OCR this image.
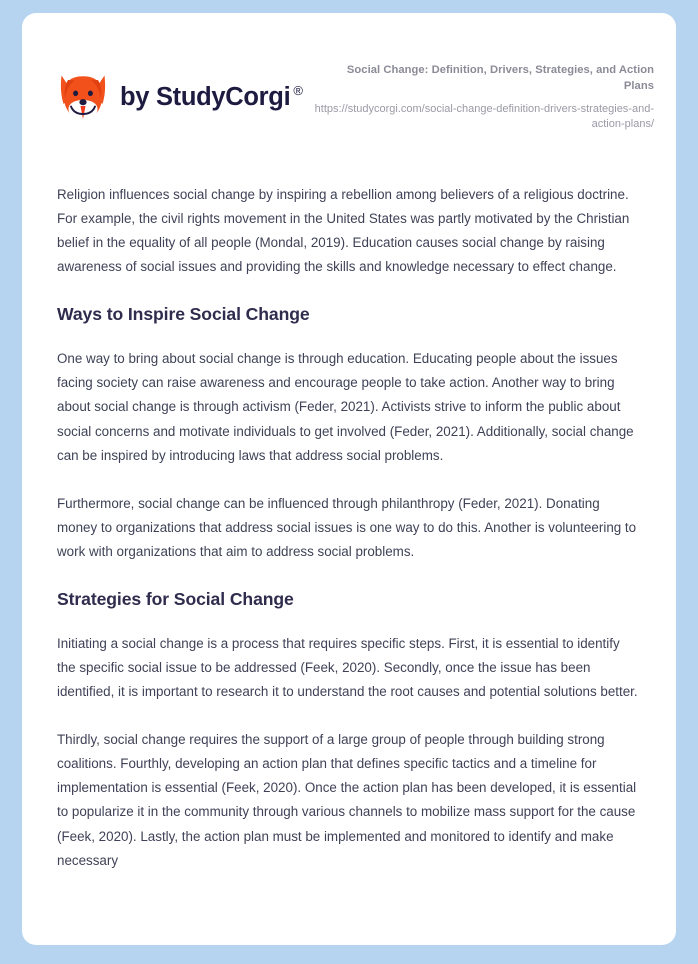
by StudyCorgi ®
Social Change: Definition, Drivers, Strategies, and Action Plans
https://studycorgi.com/social-change-definition-drivers-strategies-and-action-plans/

Religion influences social change by inspiring a rebellion among believers of a religious doctrine. For example, the civil rights movement in the United States was partly motivated by the Christian belief in the equality of all people (Mondal, 2019). Education causes social change by raising awareness of social issues and providing the skills and knowledge necessary to effect change.

Ways to Inspire Social Change

One way to bring about social change is through education. Educating people about the issues facing society can raise awareness and encourage people to take action. Another way to bring about social change is through activism (Feder, 2021). Activists strive to inform the public about social concerns and motivate individuals to get involved (Feder, 2021). Additionally, social change can be inspired by introducing laws that address social problems.

Furthermore, social change can be influenced through philanthropy (Feder, 2021). Donating money to organizations that address social issues is one way to do this. Another is volunteering to work with organizations that aim to address social problems.

Strategies for Social Change

Initiating a social change is a process that requires specific steps. First, it is essential to identify the specific social issue to be addressed (Feek, 2020). Secondly, once the issue has been identified, it is important to research it to understand the root causes and potential solutions better.

Thirdly, social change requires the support of a large group of people through building strong coalitions. Fourthly, developing an action plan that defines specific tactics and a timeline for implementation is essential (Feek, 2020). Once the action plan has been developed, it is essential to popularize it in the community through various channels to mobilize mass support for the cause (Feek, 2020). Lastly, the action plan must be implemented and monitored to identify and make necessary
